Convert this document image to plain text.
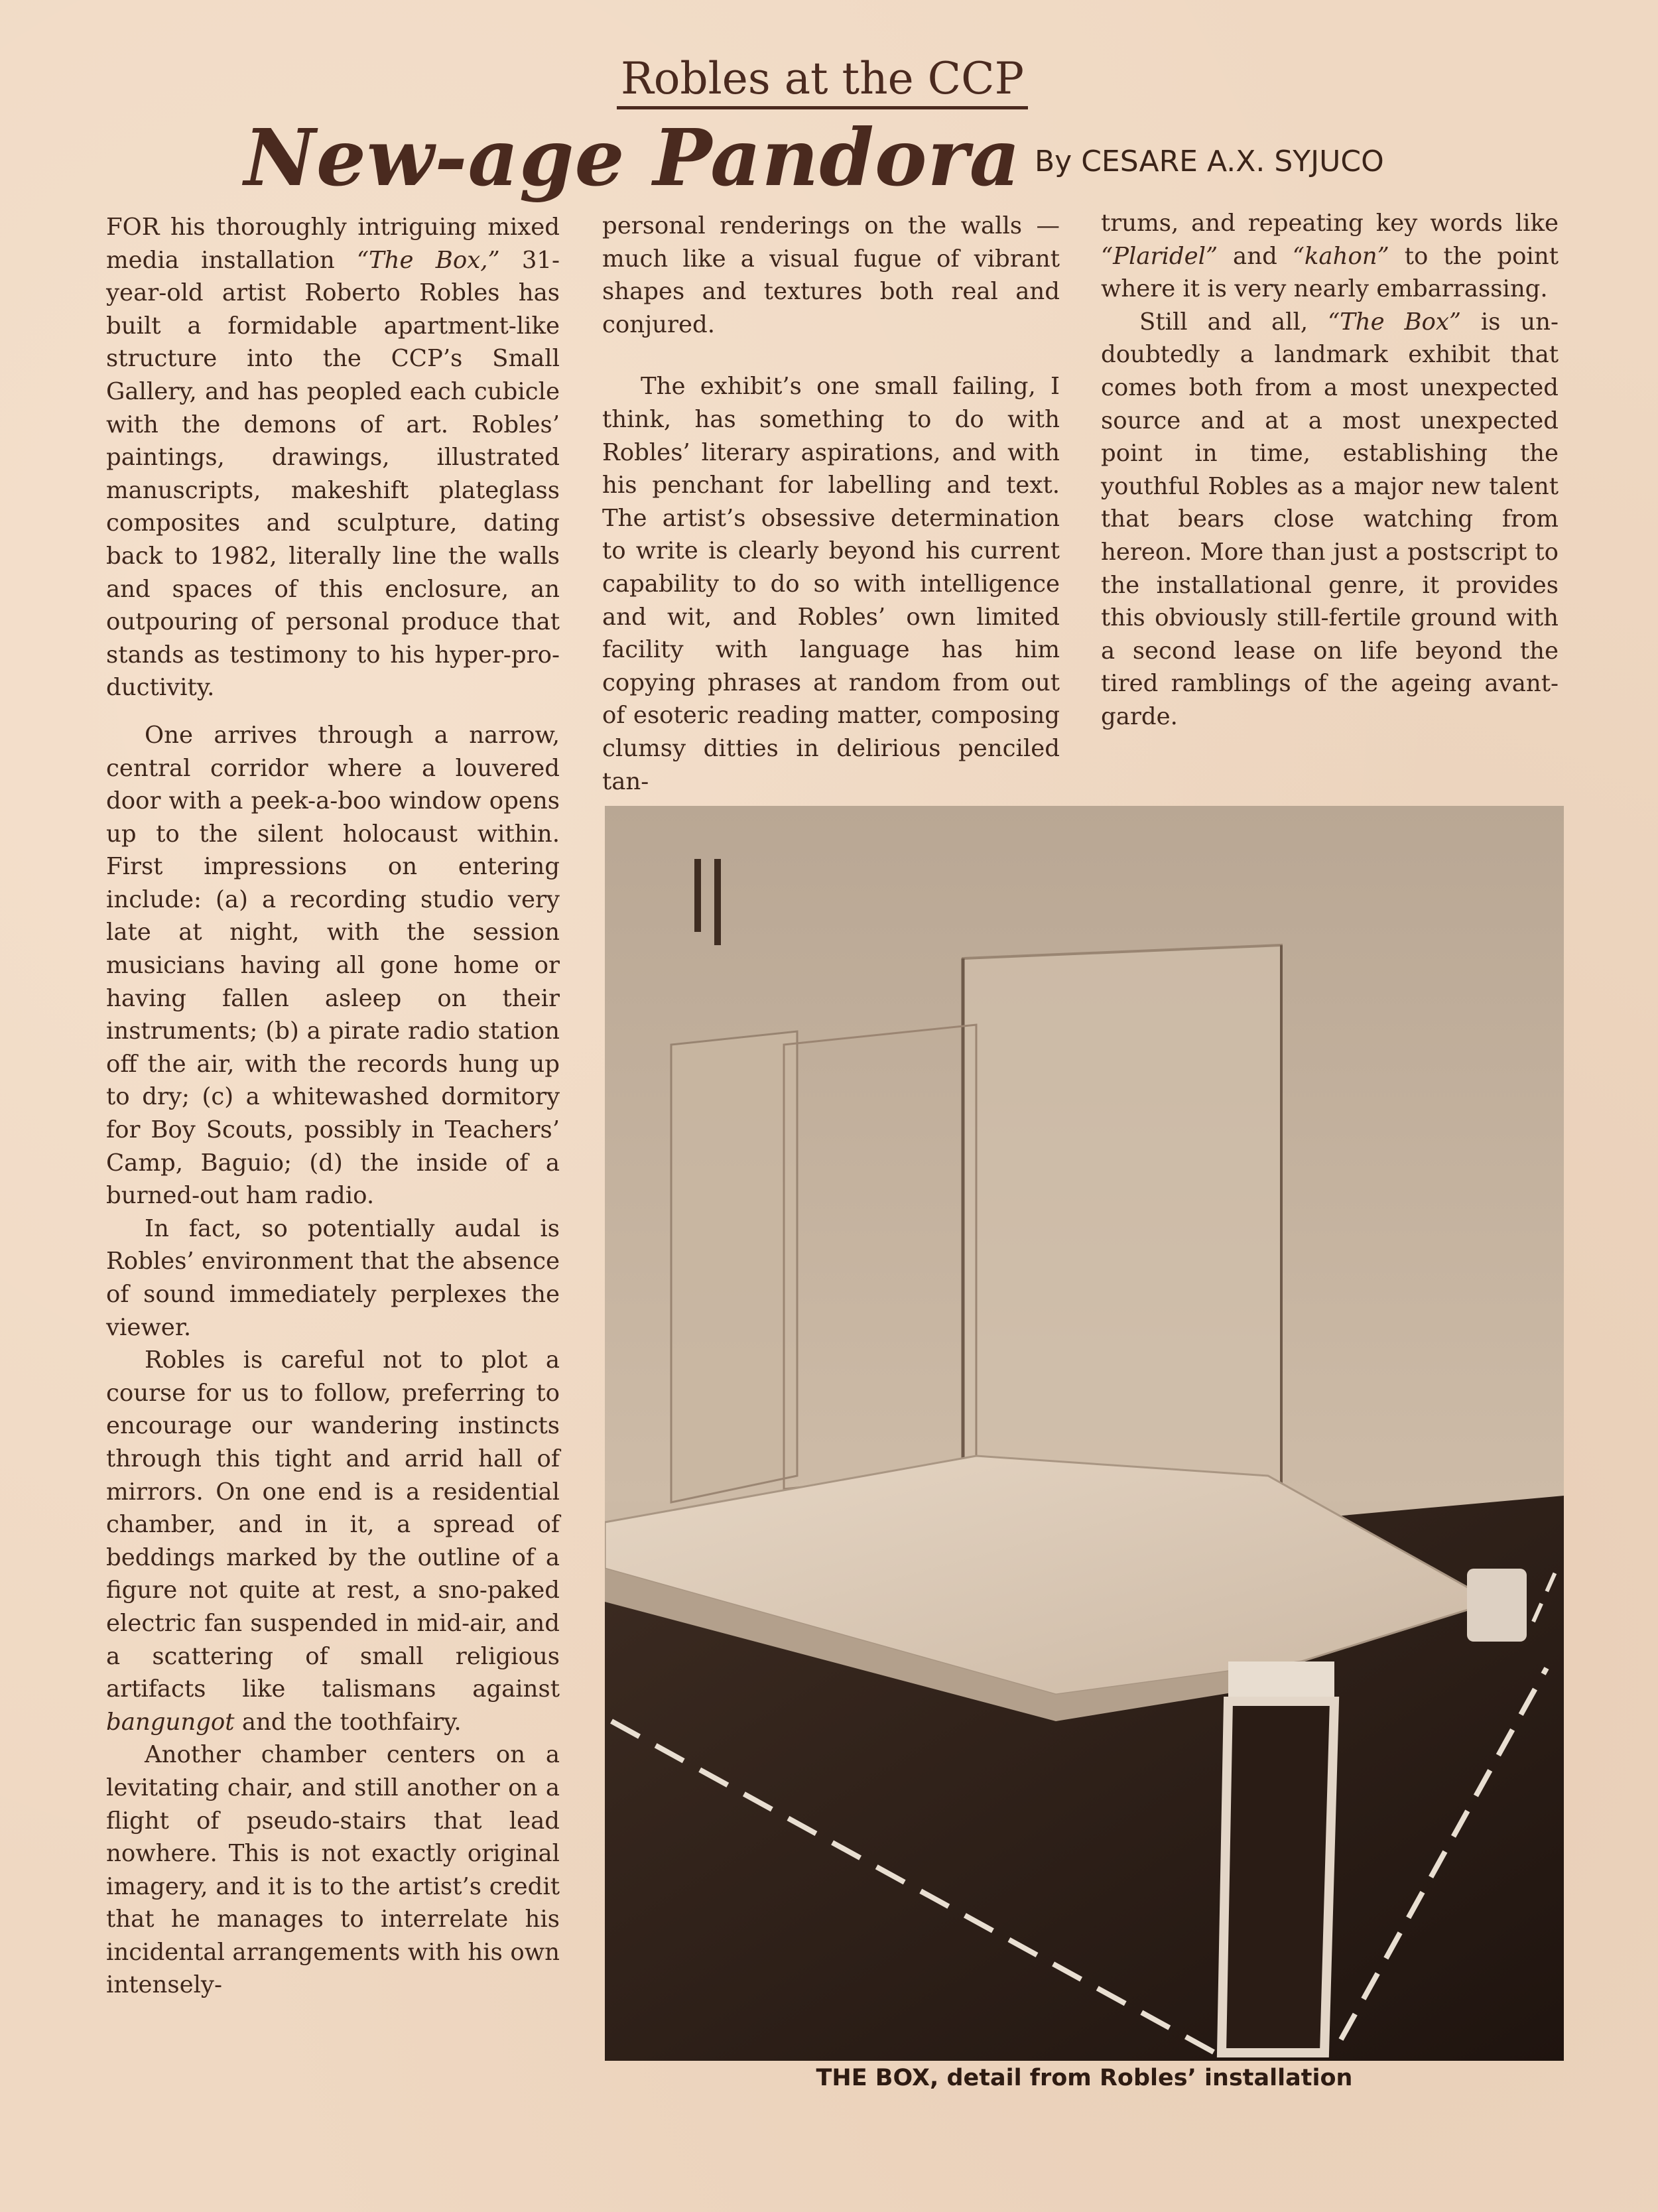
Robles at the CCP
New-age Pandora By CESARE A.X. SYJUCO

FOR his thoroughly intriguing mixed media installation “The Box,” 31-year-old artist Roberto Robles has built a formidable apartment-like structure into the CCP’s Small Gallery, and has peopled each cubicle with the demons of art. Robles’ paintings, drawings, illustrated manuscripts, makeshift plateglass composites and sculpture, dating back to 1982, literally line the walls and spaces of this enclosure, an outpouring of personal produce that stands as testimony to his hyper-productivity.

One arrives through a narrow, central corridor where a louvered door with a peek-a-boo window opens up to the silent holocaust within. First impressions on entering include: (a) a recording studio very late at night, with the session musicians having all gone home or having fallen asleep on their instruments; (b) a pirate radio station off the air, with the records hung up to dry; (c) a whitewashed dormitory for Boy Scouts, possibly in Teachers’ Camp, Baguio; (d) the inside of a burned-out ham radio.

In fact, so potentially audal is Robles’ environment that the absence of sound immediately perplexes the viewer.

Robles is careful not to plot a course for us to follow, preferring to encourage our wandering instincts through this tight and arrid hall of mirrors. On one end is a residential chamber, and in it, a spread of beddings marked by the outline of a figure not quite at rest, a sno-paked electric fan suspended in mid-air, and a scattering of small religious artifacts like talismans against bangungot and the toothfairy.

Another chamber centers on a levitating chair, and still another on a flight of pseudo-stairs that lead nowhere. This is not exactly original imagery, and it is to the artist’s credit that he manages to interrelate his incidental arrangements with his own intensely-

personal renderings on the walls — much like a visual fugue of vibrant shapes and textures both real and conjured.

The exhibit’s one small failing, I think, has something to do with Robles’ literary aspirations, and with his penchant for labelling and text. The artist’s obsessive determination to write is clearly beyond his current capability to do so with intelligence and wit, and Robles’ own limited facility with language has him copying phrases at random from out of esoteric reading matter, composing clumsy ditties in delirious penciled tan-

trums, and repeating key words like “Plaridel” and “kahon” to the point where it is very nearly embarrassing.

Still and all, “The Box” is undoubtedly a landmark exhibit that comes both from a most unexpected source and at a most unexpected point in time, establishing the youthful Robles as a major new talent that bears close watching from hereon. More than just a postscript to the installational genre, it provides this obviously still-fertile ground with a second lease on life beyond the tired ramblings of the ageing avantgarde.

THE BOX, detail from Robles’ installation
